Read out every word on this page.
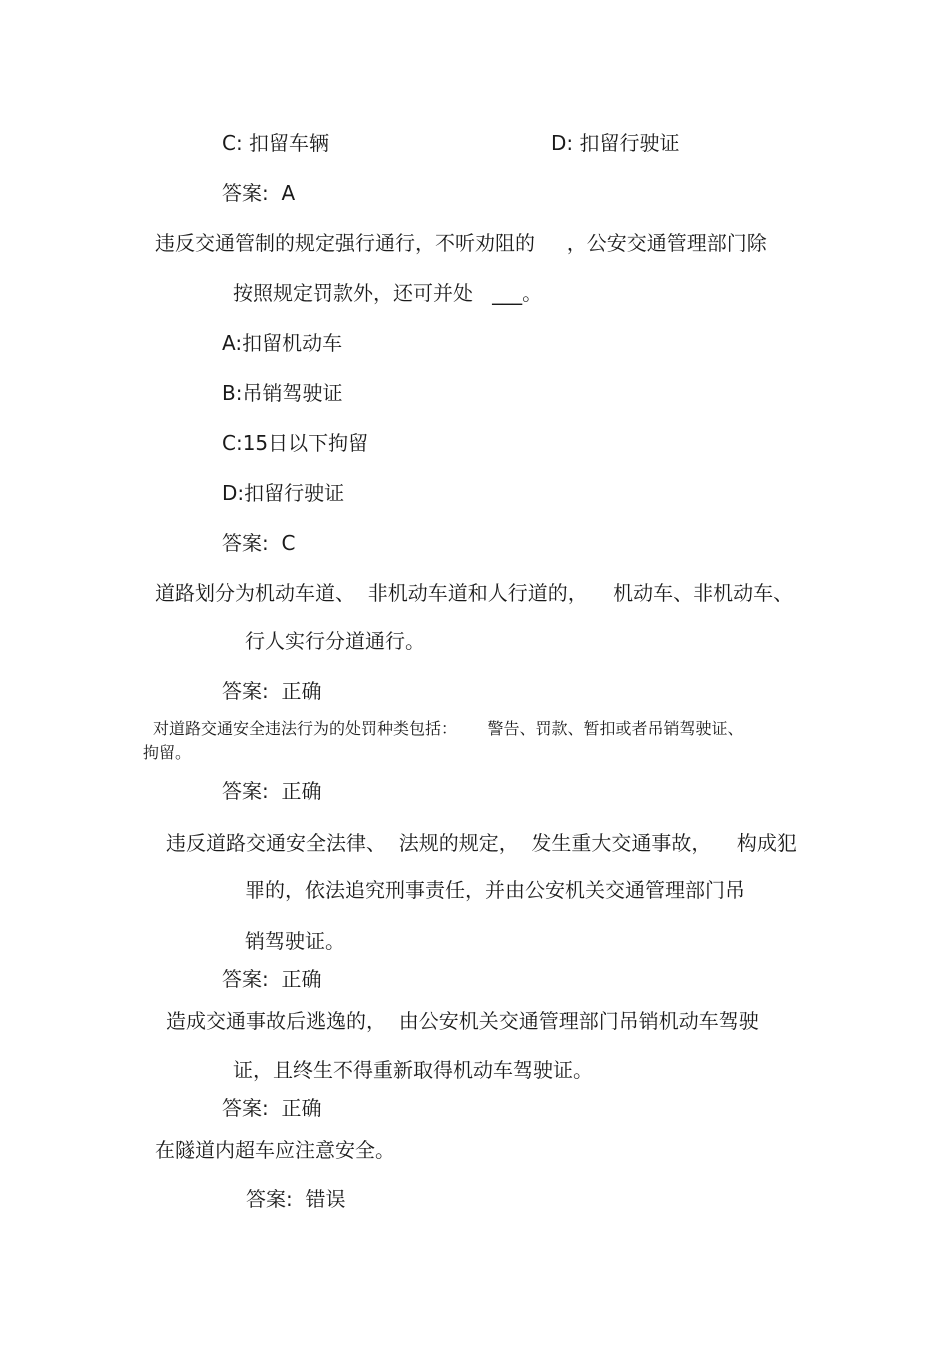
C: 扣留车辆	D: 扣留行驶证
答案:  A
违反交通管制的规定强行通行，不听劝阻的     ，公安交通管理部门除
按照规定罚款外，还可并处   ___。
A:扣留机动车
B:吊销驾驶证
C:15日以下拘留
D:扣留行驶证
答案:  C
道路划分为机动车道、  非机动车道和人行道的，    机动车、非机动车、
行人实行分道通行。
答案:  正确
对道路交通安全违法行为的处罚种类包括：      警告、罚款、暂扣或者吊销驾驶证、
拘留。
答案:  正确
违反道路交通安全法律、  法规的规定，  发生重大交通事故，    构成犯
罪的，依法追究刑事责任，并由公安机关交通管理部门吊
销驾驶证。
答案:  正确
造成交通事故后逃逸的，  由公安机关交通管理部门吊销机动车驾驶
证，且终生不得重新取得机动车驾驶证。
答案:  正确
在隧道内超车应注意安全。
答案:  错误
